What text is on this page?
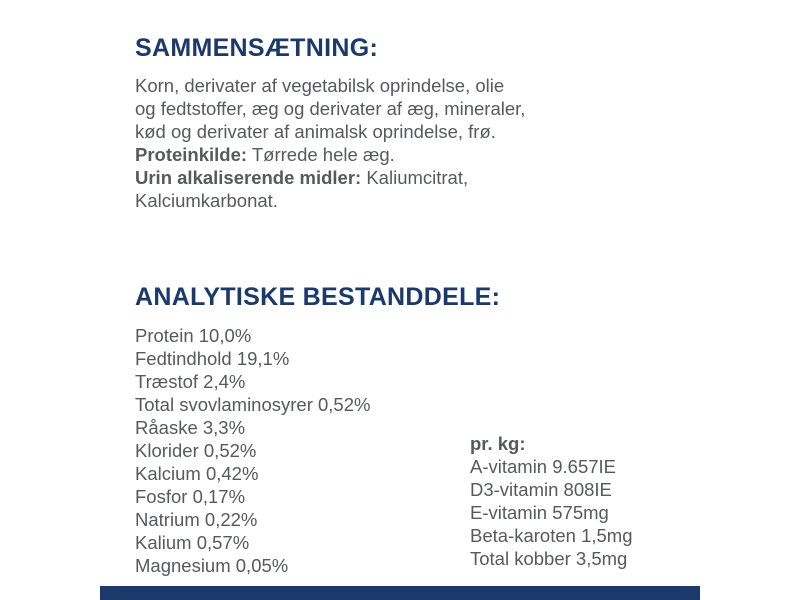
SAMMENSÆTNING:
Korn, derivater af vegetabilsk oprindelse, olie
og fedtstoffer, æg og derivater af æg, mineraler,
kød og derivater af animalsk oprindelse, frø.
Proteinkilde: Tørrede hele æg.
Urin alkaliserende midler: Kaliumcitrat,
Kalciumkarbonat.
ANALYTISKE BESTANDDELE:
Protein 10,0%
Fedtindhold 19,1%
Træstof 2,4%
Total svovlaminosyrer 0,52%
Råaske 3,3%
Klorider 0,52%
Kalcium 0,42%
Fosfor 0,17%
Natrium 0,22%
Kalium 0,57%
Magnesium 0,05%
pr. kg:
A-vitamin 9.657IE
D3-vitamin 808IE
E-vitamin 575mg
Beta-karoten 1,5mg
Total kobber 3,5mg
